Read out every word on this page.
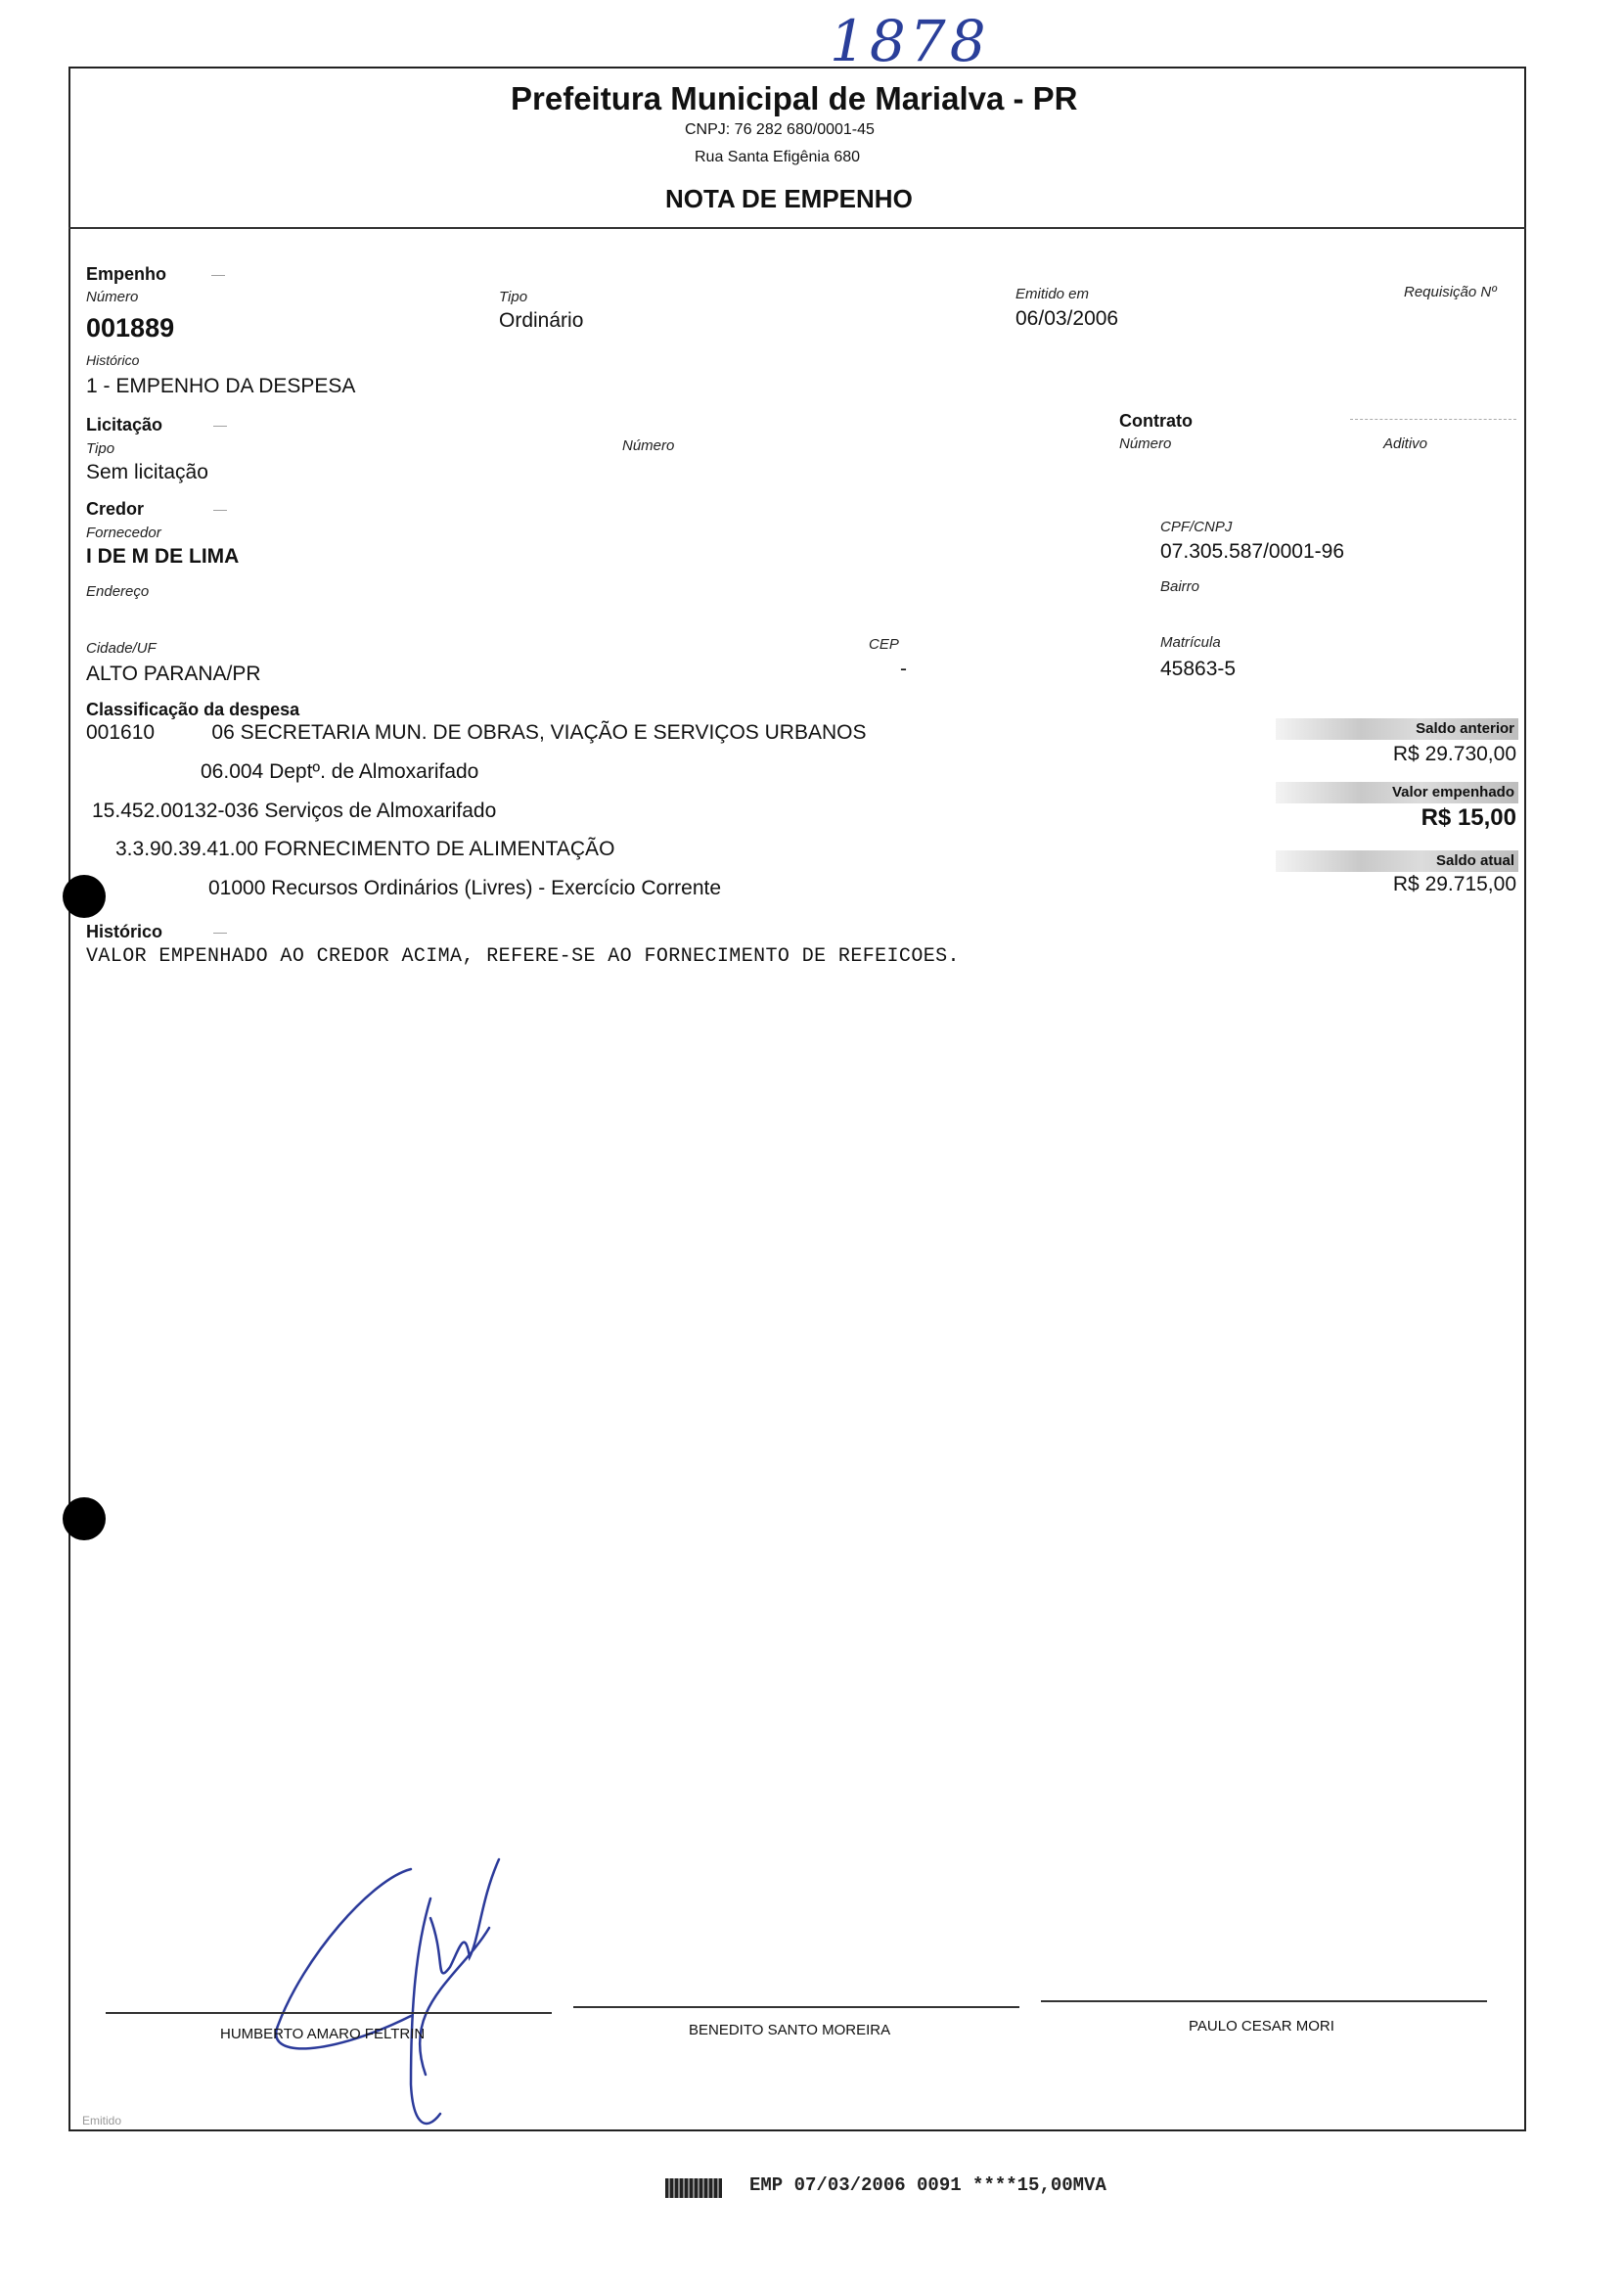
1878
Prefeitura Municipal de Marialva - PR
CNPJ: 76 282 680/0001-45
Rua Santa Efigênia 680
NOTA DE EMPENHO
Empenho	—
Número
001889
Tipo
Ordinário
Emitido em
06/03/2006
Requisição Nº
Histórico
1 - EMPENHO DA DESPESA
Licitação	—
Tipo
Sem licitação
Número
Contrato
Número	Aditivo
Credor	—
Fornecedor
I DE M DE LIMA
CPF/CNPJ
07.305.587/0001-96
Endereço	Bairro
Cidade/UF
ALTO PARANA/PR
CEP
-
Matrícula
45863-5
Classificação da despesa
001610          06 SECRETARIA MUN. DE OBRAS, VIAÇÃO E SERVIÇOS URBANOS
06.004 Deptº. de Almoxarifado
15.452.00132-036 Serviços de Almoxarifado
3.3.90.39.41.00 FORNECIMENTO DE ALIMENTAÇÃO
01000 Recursos Ordinários (Livres) - Exercício Corrente
Saldo anterior
R$ 29.730,00
Valor empenhado
R$ 15,00
Saldo atual
R$ 29.715,00
Histórico	—
VALOR EMPENHADO AO CREDOR ACIMA, REFERE-SE AO FORNECIMENTO DE REFEICOES.
HUMBERTO AMARO FELTRIN	BENEDITO SANTO MOREIRA	PAULO CESAR MORI
Emitido
EMP 07/03/2006 0091 ****15,00MVA
